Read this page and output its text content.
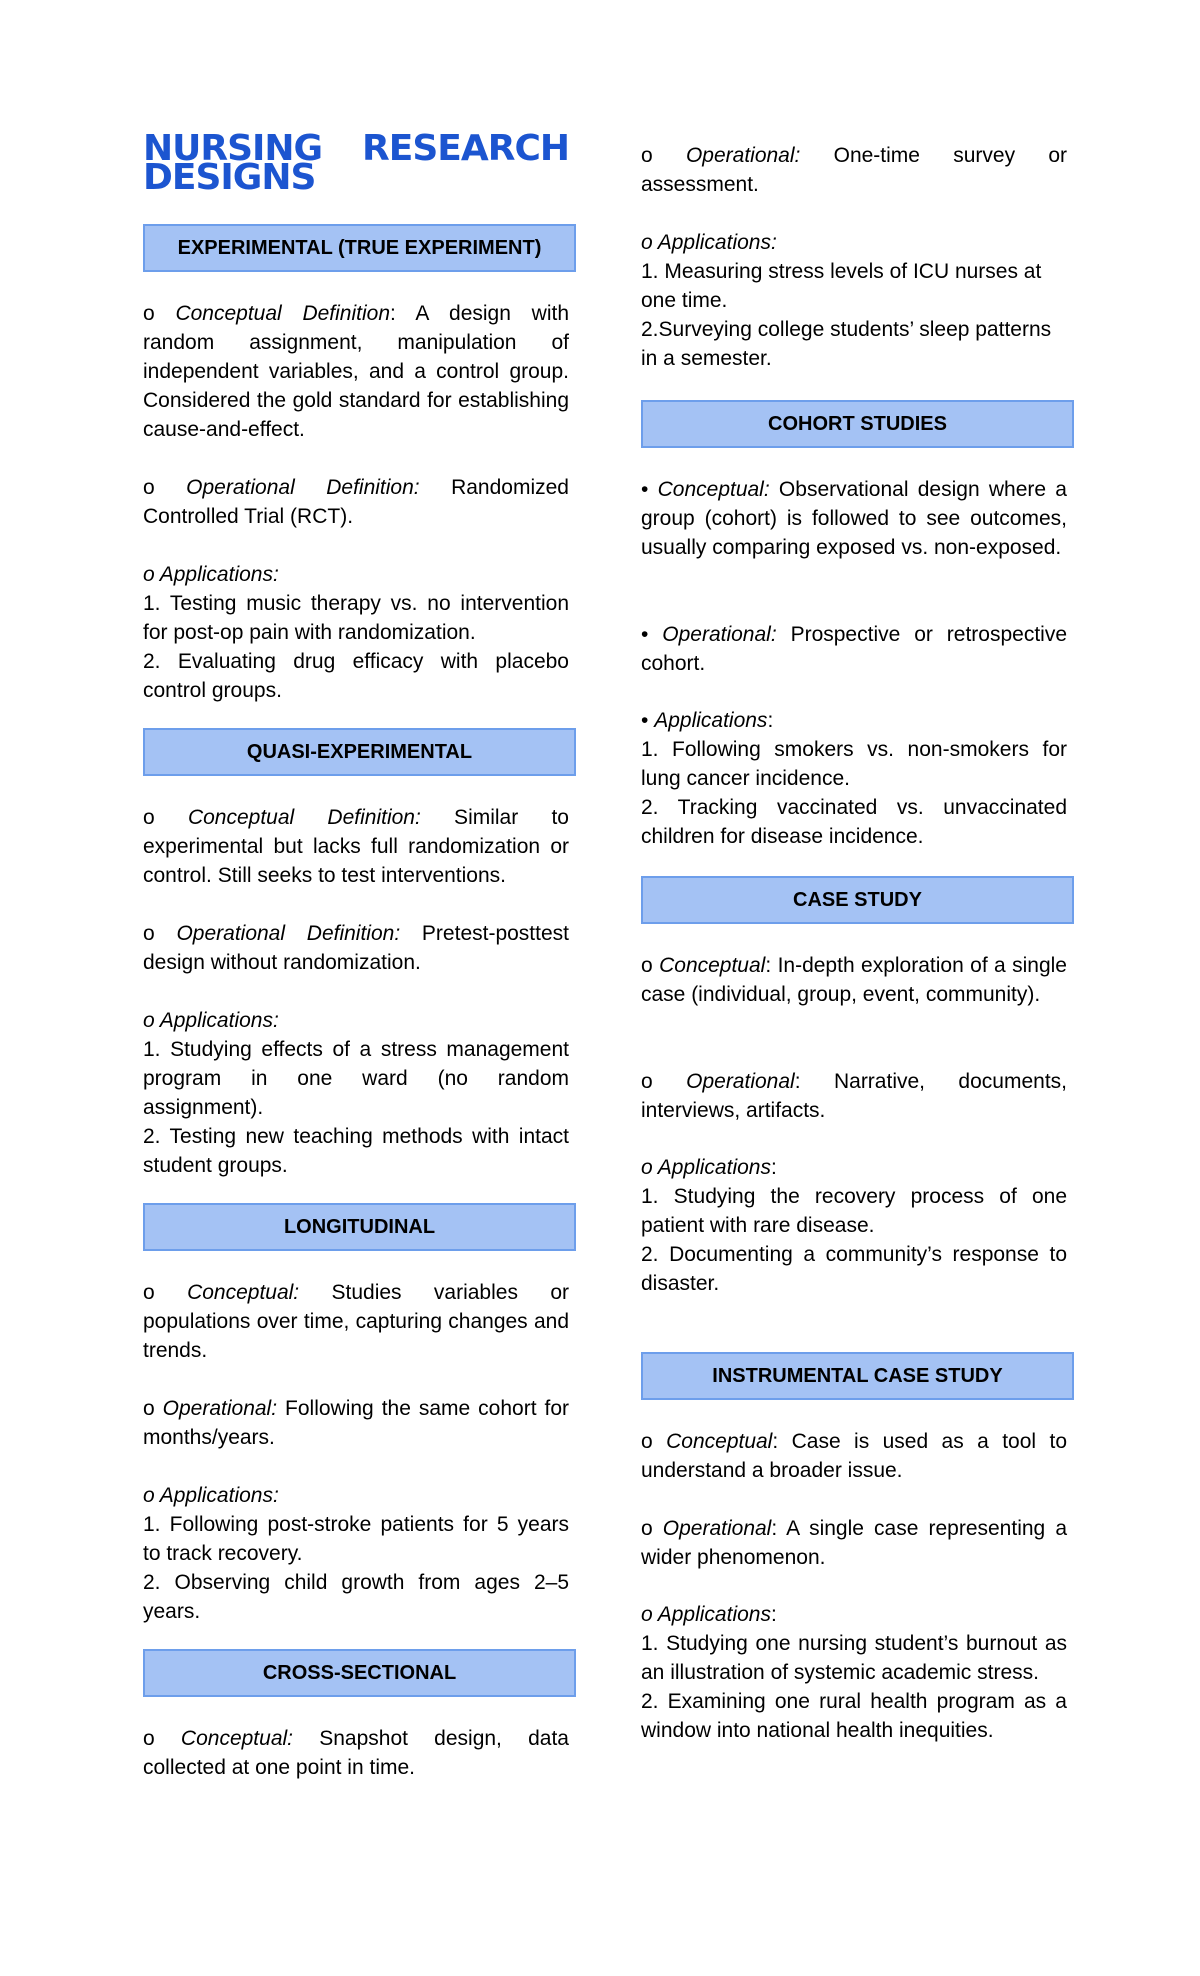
NURSING RESEARCH
DESIGNS
EXPERIMENTAL (TRUE EXPERIMENT)

o Conceptual Definition: A design with random assignment, manipulation of independent variables, and a control group. Considered the gold standard for establishing cause-and-effect.

o Operational Definition: Randomized Controlled Trial (RCT).

o Applications:

1. Testing music therapy vs. no intervention for post-op pain with randomization.

2. Evaluating drug efficacy with placebo control groups.

QUASI-EXPERIMENTAL

o Conceptual Definition: Similar to experimental but lacks full randomization or control. Still seeks to test interventions.

o Operational Definition: Pretest-posttest design without randomization.

o Applications:

1. Studying effects of a stress management program in one ward (no random assignment).

2. Testing new teaching methods with intact student groups.

LONGITUDINAL

o Conceptual: Studies variables or populations over time, capturing changes and trends.

o Operational: Following the same cohort for months/years.

o Applications:

1. Following post-stroke patients for 5 years to track recovery.

2. Observing child growth from ages 2–5 years.

CROSS-SECTIONAL

o Conceptual: Snapshot design, data collected at one point in time.

o Operational: One-time survey or assessment.

o Applications:

1. Measuring stress levels of ICU nurses at one time.

2.Surveying college students’ sleep patterns in a semester.

COHORT STUDIES

• Conceptual: Observational design where a group (cohort) is followed to see outcomes, usually comparing exposed vs. non-exposed.

• Operational: Prospective or retrospective cohort.

• Applications:

1. Following smokers vs. non-smokers for lung cancer incidence.

2. Tracking vaccinated vs. unvaccinated children for disease incidence.

CASE STUDY

o Conceptual: In-depth exploration of a single case (individual, group, event, community).

o Operational: Narrative, documents, interviews, artifacts.

o Applications:

1. Studying the recovery process of one patient with rare disease.

2. Documenting a community’s response to disaster.

INSTRUMENTAL CASE STUDY

o Conceptual: Case is used as a tool to understand a broader issue.

o Operational: A single case representing a wider phenomenon.

o Applications:

1. Studying one nursing student’s burnout as an illustration of systemic academic stress.

2. Examining one rural health program as a window into national health inequities.
